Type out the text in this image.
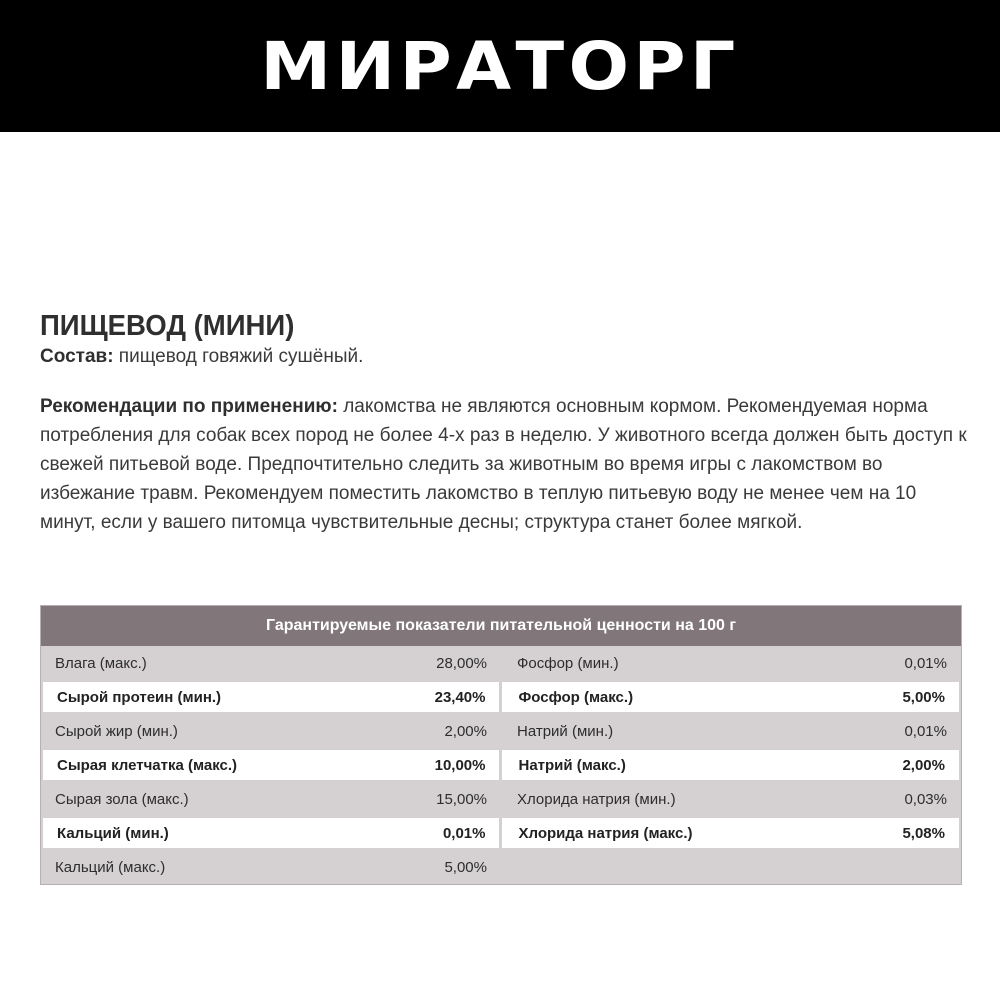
МИРАТОРГ
ПИЩЕВОД (МИНИ)

Состав: пищевод говяжий сушёный.

Рекомендации по применению: лакомства не являются основным кормом. Рекомендуемая норма потребления для собак всех пород не более 4-х раз в неделю. У животного всегда должен быть доступ к свежей питьевой воде. Предпочтительно следить за животным во время игры с лакомством во избежание травм. Рекомендуем поместить лакомство в теплую питьевую воду не менее чем на 10 минут, если у вашего питомца чувствительные десны; структура станет более мягкой.
Гарантируемые показатели питательной ценности на 100 г
Влага (макс.)	28,00% Фосфор (мин.)	0,01%
Сырой протеин (мин.)	23,40% Фосфор (макс.)	5,00%
Сырой жир (мин.)	2,00% Натрий (мин.)	0,01%
Сырая клетчатка (макс.)	10,00% Натрий (макс.)	2,00%
Сырая зола (макс.)	15,00% Хлорида натрия (мин.)	0,03%
Кальций (мин.)	0,01% Хлорида натрия (макс.)	5,08%
Кальций (макс.)	5,00%
